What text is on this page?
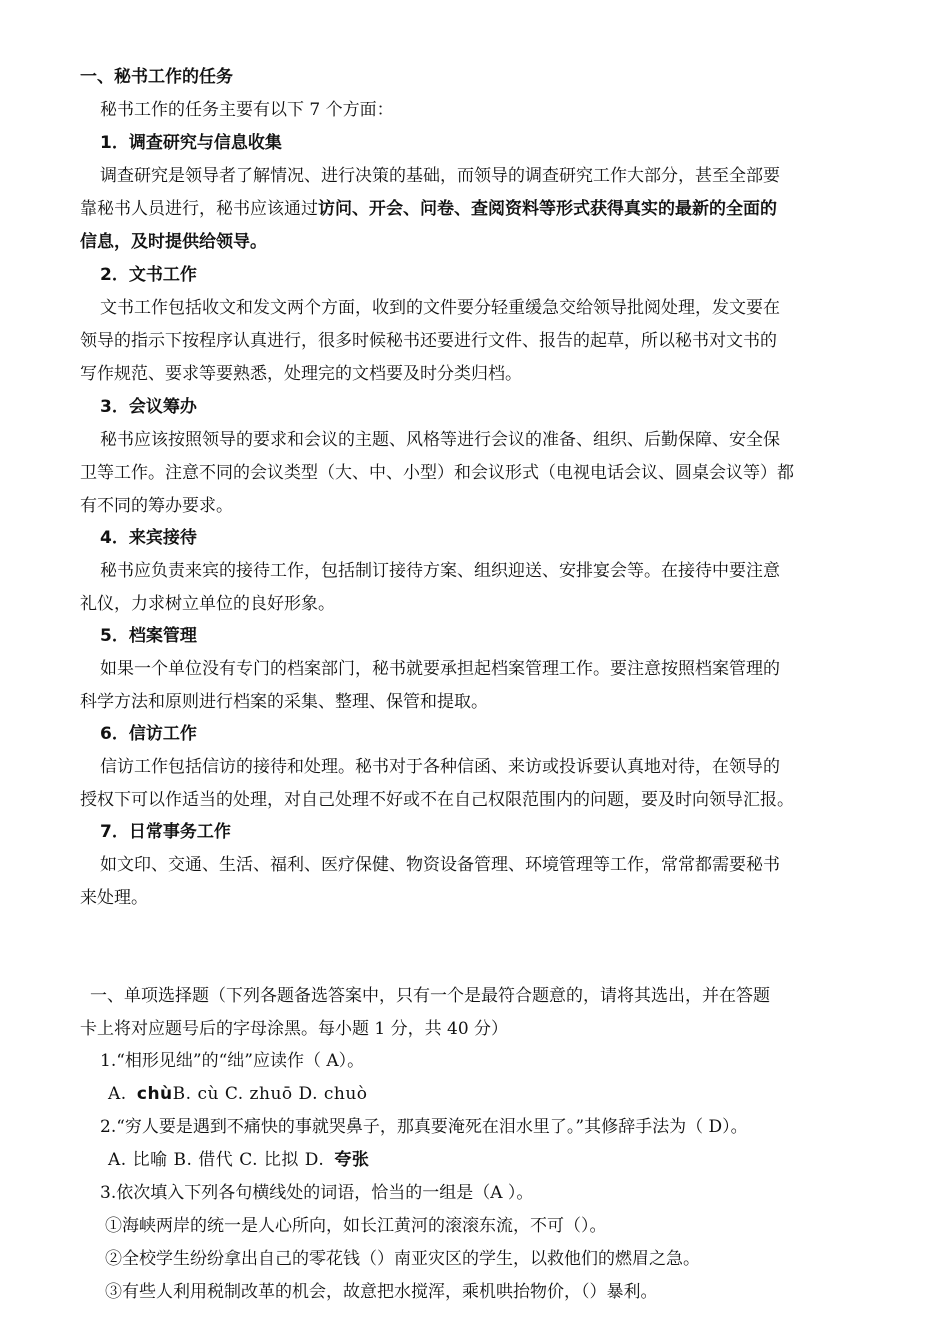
一、秘书工作的任务
秘书工作的任务主要有以下 7 个方面：
1．调查研究与信息收集
调查研究是领导者了解情况、进行决策的基础，而领导的调查研究工作大部分，甚至全部要
靠秘书人员进行，秘书应该通过访问、开会、问卷、查阅资料等形式获得真实的最新的全面的
信息，及时提供给领导。
2．文书工作
文书工作包括收文和发文两个方面，收到的文件要分轻重缓急交给领导批阅处理，发文要在
领导的指示下按程序认真进行，很多时候秘书还要进行文件、报告的起草，所以秘书对文书的
写作规范、要求等要熟悉，处理完的文档要及时分类归档。
3．会议筹办
秘书应该按照领导的要求和会议的主题、风格等进行会议的准备、组织、后勤保障、安全保
卫等工作。注意不同的会议类型（大、中、小型）和会议形式（电视电话会议、圆桌会议等）都
有不同的筹办要求。
4．来宾接待
秘书应负责来宾的接待工作，包括制订接待方案、组织迎送、安排宴会等。在接待中要注意
礼仪，力求树立单位的良好形象。
5．档案管理
如果一个单位没有专门的档案部门，秘书就要承担起档案管理工作。要注意按照档案管理的
科学方法和原则进行档案的采集、整理、保管和提取。
6．信访工作
信访工作包括信访的接待和处理。秘书对于各种信函、来访或投诉要认真地对待，在领导的
授权下可以作适当的处理，对自己处理不好或不在自己权限范围内的问题，要及时向领导汇报。
7．日常事务工作
如文印、交通、生活、福利、医疗保健、物资设备管理、环境管理等工作，常常都需要秘书
来处理。
一、单项选择题（下列各题备选答案中，只有一个是最符合题意的，请将其选出，并在答题
卡上将对应题号后的字母涂黑。每小题 1 分，共 40 分）
1.“相形见绌”的“绌”应读作（ A）。
A. chùB. cù C. zhuō D. chuò
2.“穷人要是遇到不痛快的事就哭鼻子，那真要淹死在泪水里了。”其修辞手法为（ D）。
A. 比喻 B. 借代 C. 比拟 D. 夸张
3.依次填入下列各句横线处的词语，恰当的一组是（A ）。
①海峡两岸的统一是人心所向，如长江黄河的滚滚东流，不可（）。
②全校学生纷纷拿出自己的零花钱（）南亚灾区的学生，以救他们的燃眉之急。
③有些人利用税制改革的机会，故意把水搅浑，乘机哄抬物价，（）暴利。
